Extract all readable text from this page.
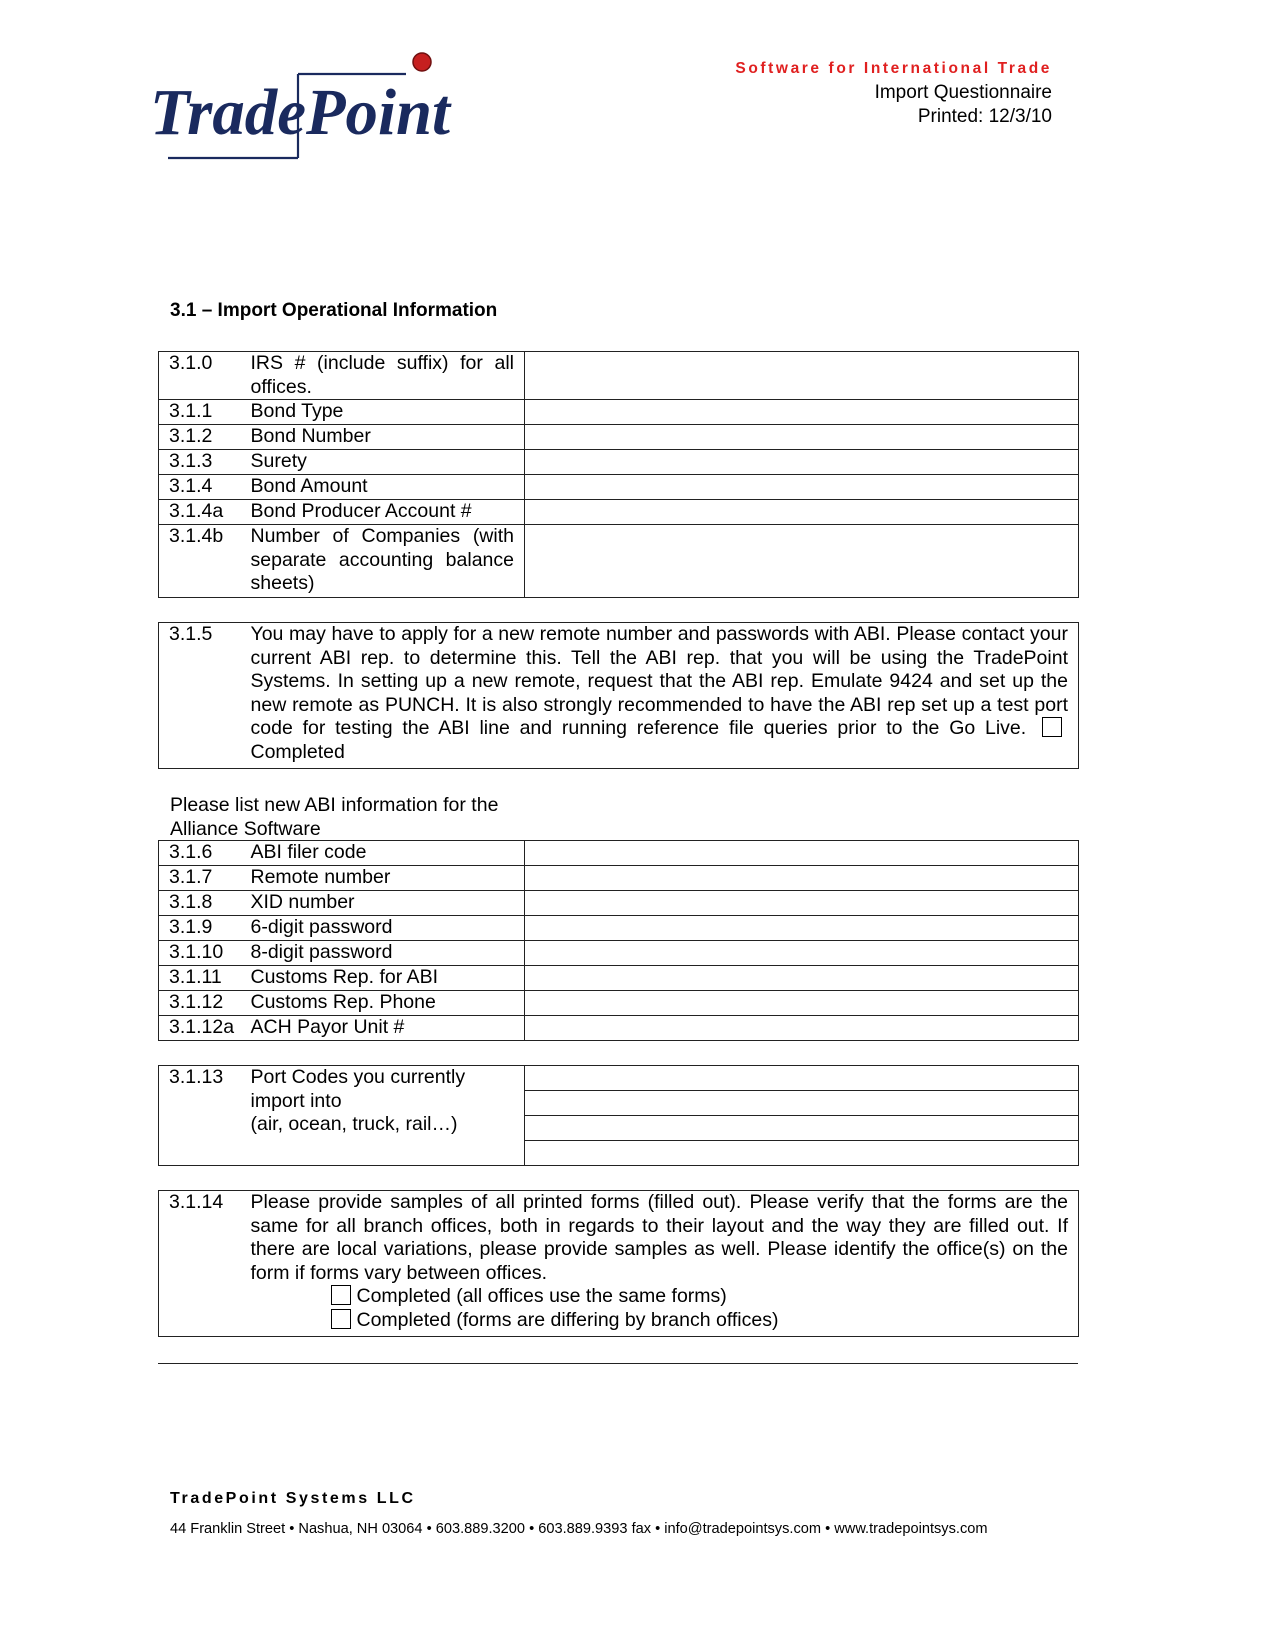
TradePoint
Software for International Trade
Import Questionnaire
Printed: 12/3/10
3.1 – Import Operational Information
3.1.0	IRS # (include suffix) for all offices.	
3.1.1	Bond Type	
3.1.2	Bond Number	
3.1.3	Surety	
3.1.4	Bond Amount	
3.1.4a	Bond Producer Account #	
3.1.4b	Number of Companies (with separate accounting balance sheets)	
3.1.5	You may have to apply for a new remote number and passwords with ABI. Please contact your current ABI rep. to determine this. Tell the ABI rep. that you will be using the TradePoint Systems. In setting up a new remote, request that the ABI rep. Emulate 9424 and set up the new remote as PUNCH. It is also strongly recommended to have the ABI rep set up a test port code for testing the ABI line and running reference file queries prior to the Go Live. Completed
Please list new ABI information for the Alliance Software
3.1.6	ABI filer code	
3.1.7	Remote number	
3.1.8	XID number	
3.1.9	6-digit password	
3.1.10	8-digit password	
3.1.11	Customs Rep. for ABI	
3.1.12	Customs Rep. Phone	
3.1.12a	ACH Payor Unit #	
3.1.13	Port Codes you currently
import into
(air, ocean, truck, rail…)

3.1.14	Please provide samples of all printed forms (filled out). Please verify that the forms are the same for all branch offices, both in regards to their layout and the way they are filled out. If there are local variations, please provide samples as well. Please identify the office(s) on the form if forms vary between offices.
Completed (all offices use the same forms)
Completed (forms are differing by branch offices)
TradePoint Systems LLC
44 Franklin Street • Nashua, NH 03064 • 603.889.3200 • 603.889.9393 fax • info@tradepointsys.com • www.tradepointsys.com
